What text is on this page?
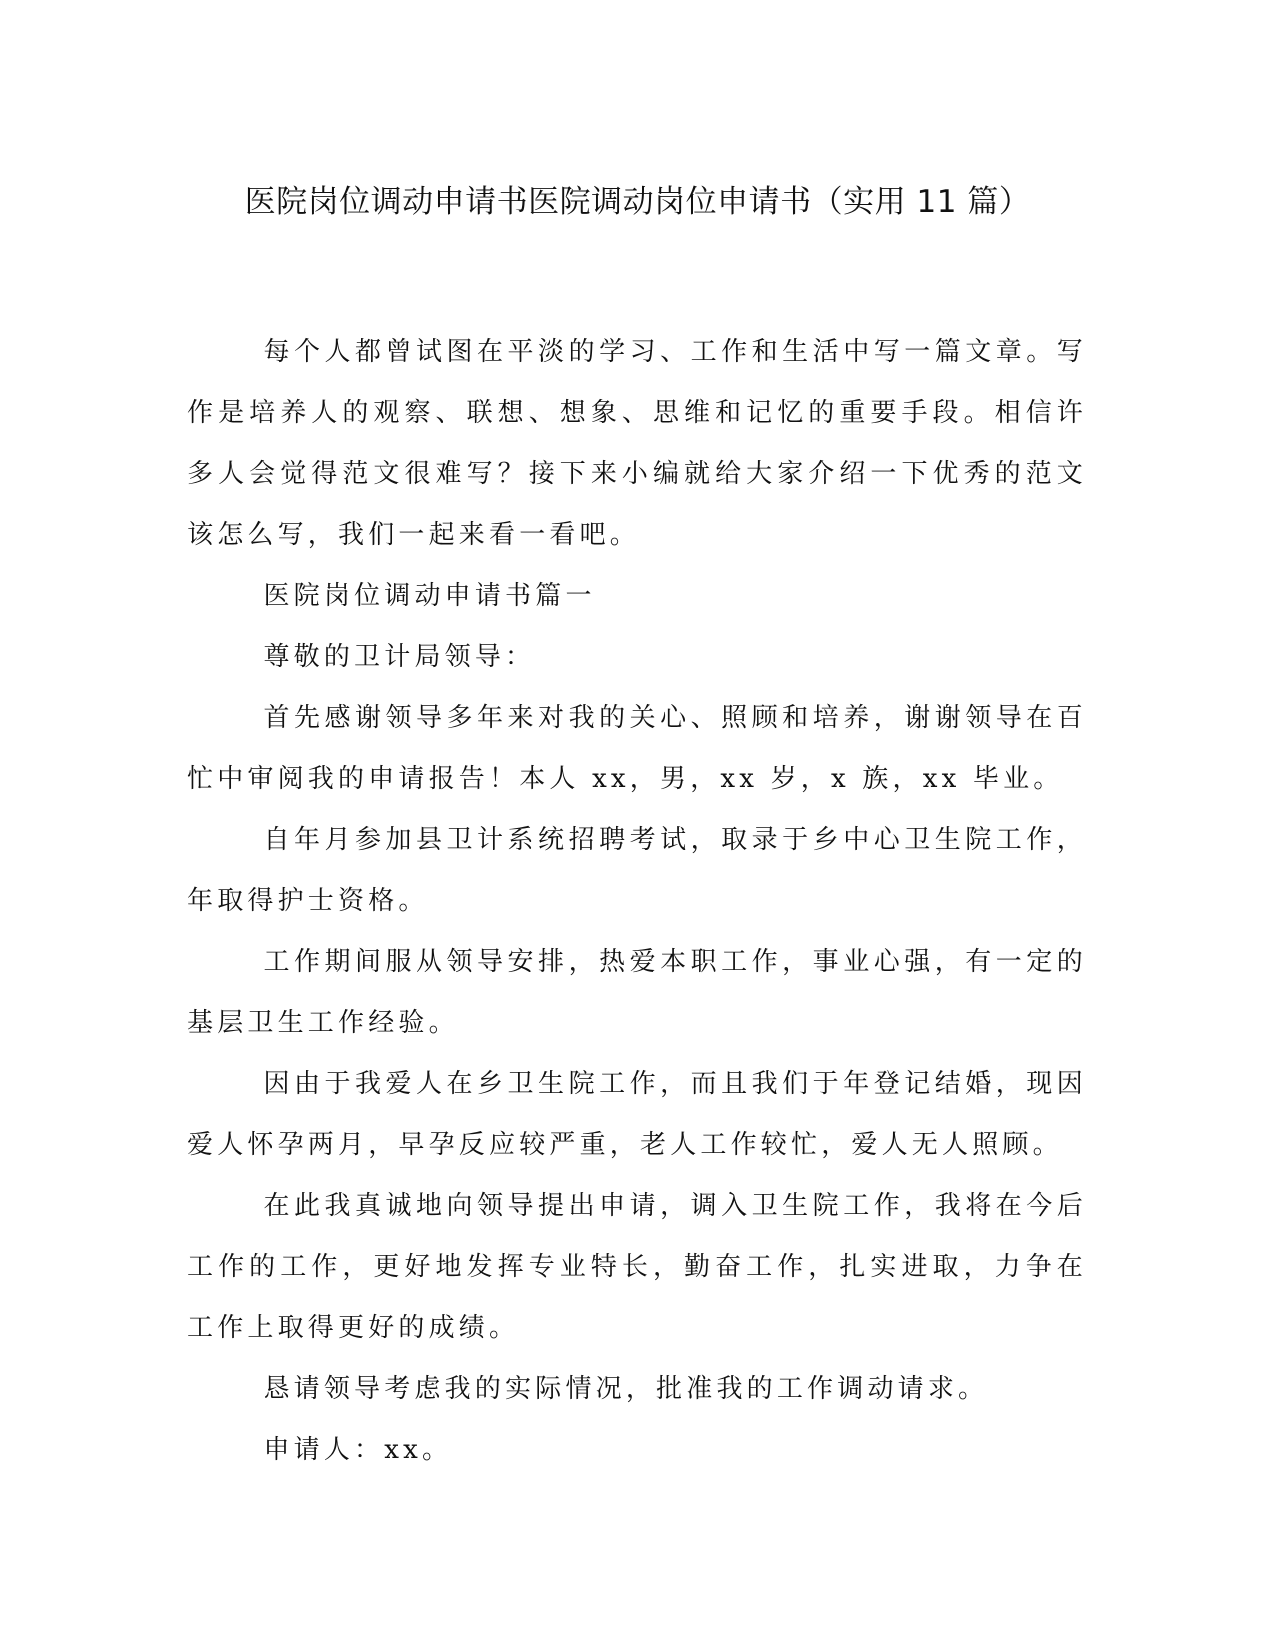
医院岗位调动申请书医院调动岗位申请书（实用 11 篇）

每个人都曾试图在平淡的学习、工作和生活中写一篇文章。写作是培养人的观察、联想、想象、思维和记忆的重要手段。相信许多人会觉得范文很难写？接下来小编就给大家介绍一下优秀的范文该怎么写，我们一起来看一看吧。

医院岗位调动申请书篇一

尊敬的卫计局领导：

首先感谢领导多年来对我的关心、照顾和培养，谢谢领导在百忙中审阅我的申请报告！本人 xx，男，xx 岁，x 族，xx 毕业。

自年月参加县卫计系统招聘考试，取录于乡中心卫生院工作，年取得护士资格。

工作期间服从领导安排，热爱本职工作，事业心强，有一定的基层卫生工作经验。

因由于我爱人在乡卫生院工作，而且我们于年登记结婚，现因爱人怀孕两月，早孕反应较严重，老人工作较忙，爱人无人照顾。

在此我真诚地向领导提出申请，调入卫生院工作，我将在今后工作的工作，更好地发挥专业特长，勤奋工作，扎实进取，力争在工作上取得更好的成绩。

恳请领导考虑我的实际情况，批准我的工作调动请求。

申请人：xx。
